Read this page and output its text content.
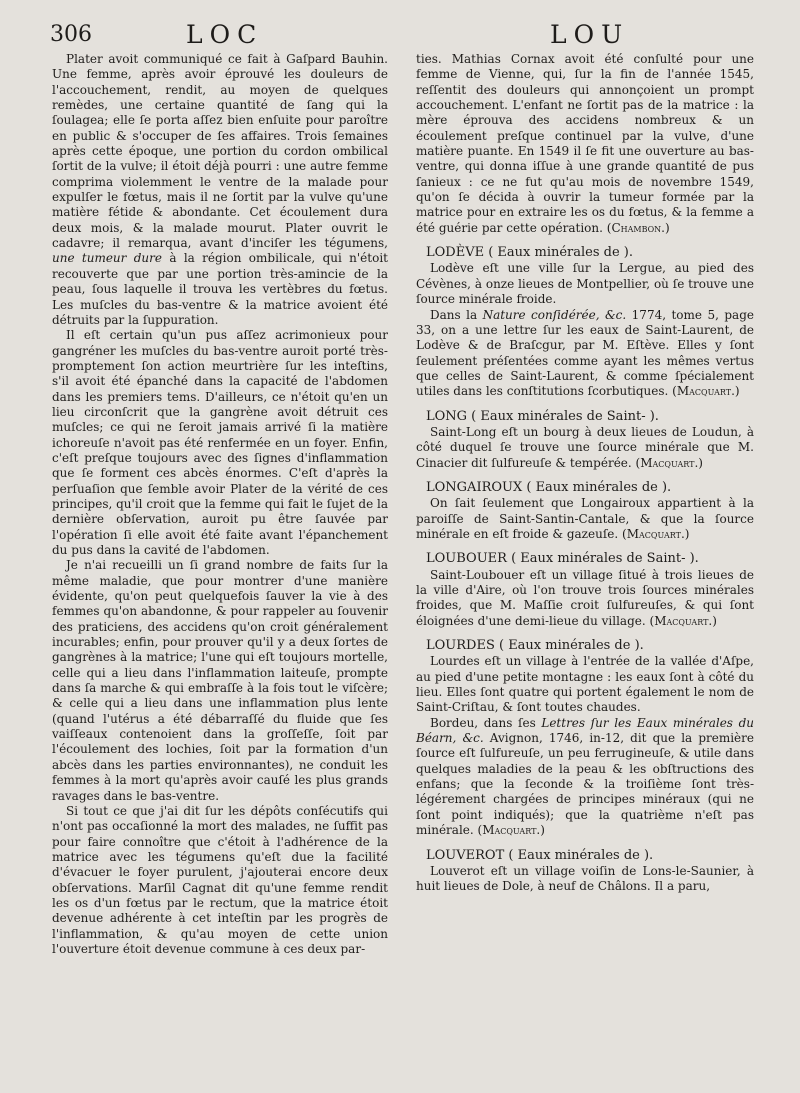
306	LOC	LOU

Plater avoit communiqué ce fait à Gaſpard Bauhin. Une femme, après avoir éprouvé les douleurs de l'accouchement, rendit, au moyen de quelques remèdes, une certaine quantité de ſang qui la ſoulagea; elle ſe porta aſſez bien enſuite pour paroître en public & s'occuper de ſes affaires. Trois ſemaines après cette époque, une portion du cordon ombilical ſortit de la vulve; il étoit déjà pourri : une autre femme comprima violemment le ventre de la malade pour expulſer le fœtus, mais il ne ſortit par la vulve qu'une matière fétide & abondante. Cet écoulement dura deux mois, & la malade mourut. Plater ouvrit le cadavre; il remarqua, avant d'inciſer les tégumens, une tumeur dure à la région ombilicale, qui n'étoit recouverte que par une portion très-amincie de la peau, ſous laquelle il trouva les vertèbres du fœtus. Les muſcles du bas-ventre & la matrice avoient été détruits par la ſuppuration.

Il eſt certain qu'un pus aſſez acrimonieux pour gangréner les muſcles du bas-ventre auroit porté très-promptement ſon action meurtrière ſur les inteſtins, s'il avoit été épanché dans la capacité de l'abdomen dans les premiers tems. D'ailleurs, ce n'étoit qu'en un lieu circonſcrit que la gangrène avoit détruit ces muſcles; ce qui ne ſeroit jamais arrivé ſi la matière ichoreuſe n'avoit pas été renfermée en un foyer. Enfin, c'eſt preſque toujours avec des ſignes d'inflammation que ſe forment ces abcès énormes. C'eſt d'après la perſuaſion que ſemble avoir Plater de la vérité de ces principes, qu'il croit que la femme qui fait le ſujet de la dernière obſervation, auroit pu être ſauvée par l'opération ſi elle avoit été faite avant l'épanchement du pus dans la cavité de l'abdomen.

Je n'ai recueilli un ſi grand nombre de faits ſur la même maladie, que pour montrer d'une manière évidente, qu'on peut quelquefois ſauver la vie à des femmes qu'on abandonne, & pour rappeler au ſouvenir des praticiens, des accidens qu'on croit généralement incurables; enfin, pour prouver qu'il y a deux ſortes de gangrènes à la matrice; l'une qui eſt toujours mortelle, celle qui a lieu dans l'inflammation laiteuſe, prompte dans ſa marche & qui embraſſe à la fois tout le viſcère; & celle qui a lieu dans une inflammation plus lente (quand l'utérus a été débarraſſé du fluide que ſes vaiſſeaux contenoient dans la groſſeſſe, ſoit par l'écoulement des lochies, ſoit par la formation d'un abcès dans les parties environnantes), ne conduit les femmes à la mort qu'après avoir cauſé les plus grands ravages dans le bas-ventre.

Si tout ce que j'ai dit ſur les dépôts conſécutifs qui n'ont pas occaſionné la mort des malades, ne ſuffit pas pour faire connoître que c'étoit à l'adhérence de la matrice avec les tégumens qu'eſt due la facilité d'évacuer le foyer purulent, j'ajouterai encore deux obſervations. Marſil Cagnat dit qu'une femme rendit les os d'un fœtus par le rectum, que la matrice étoit devenue adhérente à cet inteſtin par les progrès de l'inflammation, & qu'au moyen de cette union l'ouverture étoit devenue commune à ces deux par-

ties. Mathias Cornax avoit été conſulté pour une femme de Vienne, qui, ſur la fin de l'année 1545, reſſentit des douleurs qui annonçoient un prompt accouchement. L'enfant ne ſortit pas de la matrice : la mère éprouva des accidens nombreux & un écoulement preſque continuel par la vulve, d'une matière puante. En 1549 il ſe fit une ouverture au bas-ventre, qui donna iſſue à une grande quantité de pus ſanieux : ce ne fut qu'au mois de novembre 1549, qu'on ſe décida à ouvrir la tumeur formée par la matrice pour en extraire les os du fœtus, & la femme a été guérie par cette opération. (Chambon.)

LODÈVE ( Eaux minérales de ).

Lodève eſt une ville ſur la Lergue, au pied des Cévènes, à onze lieues de Montpellier, où ſe trouve une ſource minérale froide.

Dans la Nature conſidérée, &c. 1774, tome 5, page 33, on a une lettre ſur les eaux de Saint-Laurent, de Lodève & de Braſcgur, par M. Eſtève. Elles y ſont ſeulement préſentées comme ayant les mêmes vertus que celles de Saint-Laurent, & comme ſpécialement utiles dans les conſtitutions ſcorbutiques. (Macquart.)

LONG ( Eaux minérales de Saint- ).

Saint-Long eſt un bourg à deux lieues de Loudun, à côté duquel ſe trouve une ſource minérale que M. Cinacier dit ſulfureuſe & tempérée. (Macquart.)

LONGAIROUX ( Eaux minérales de ).

On ſait ſeulement que Longairoux appartient à la paroiſſe de Saint-Santin-Cantale, & que la ſource minérale en eſt froide & gazeuſe. (Macquart.)

LOUBOUER ( Eaux minérales de Saint- ).

Saint-Loubouer eſt un village ſitué à trois lieues de la ville d'Aire, où l'on trouve trois ſources minérales froides, que M. Maſſie croit ſulfureuſes, & qui ſont éloignées d'une demi-lieue du village. (Macquart.)

LOURDES ( Eaux minérales de ).

Lourdes eſt un village à l'entrée de la vallée d'Aſpe, au pied d'une petite montagne : les eaux ſont à côté du lieu. Elles ſont quatre qui portent également le nom de Saint-Criſtau, & ſont toutes chaudes.

Bordeu, dans ſes Lettres ſur les Eaux minérales du Béarn, &c. Avignon, 1746, in-12, dit que la première ſource eſt ſulfureuſe, un peu ferrugineuſe, & utile dans quelques maladies de la peau & les obſtructions des enfans; que la ſeconde & la troiſième ſont très-légérement chargées de principes minéraux (qui ne ſont point indiqués); que la quatrième n'eſt pas minérale. (Macquart.)

LOUVEROT ( Eaux minérales de ).

Louverot eſt un village voiſin de Lons-le-Saunier, à huit lieues de Dole, à neuf de Châlons. Il a paru,
